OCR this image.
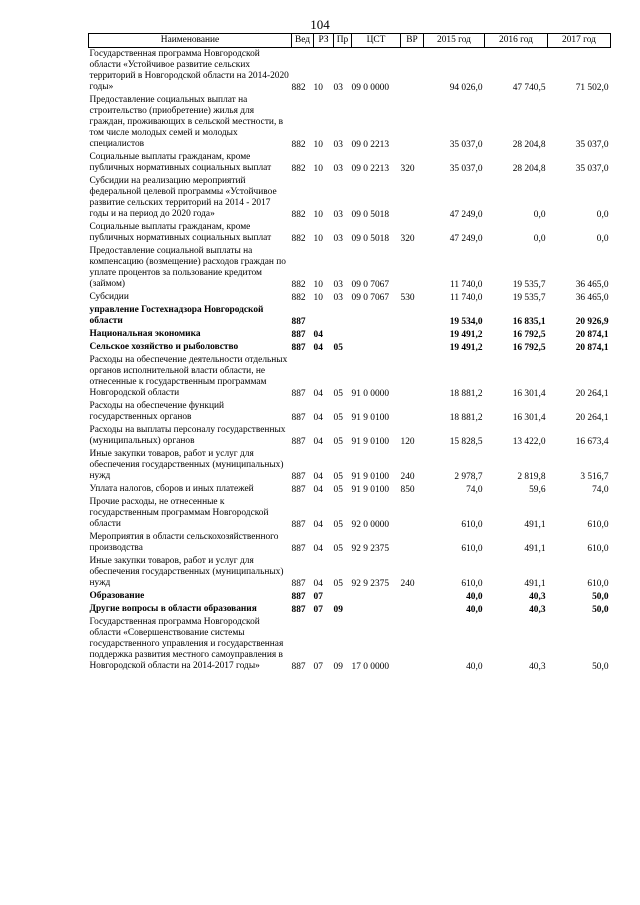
104
Наименование	Вед	РЗ	Пр	ЦСТ	ВР	2015 год	2016 год	2017 год
Государственная программа Новгородской области «Устойчивое развитие сельских территорий в Новгородской области на 2014-2020 годы»	882	10	03	09 0 0000		94 026,0	47 740,5	71 502,0
Предоставление социальных выплат на строительство (приобретение) жилья для граждан, проживающих в сельской местности, в том числе молодых семей и молодых специалистов	882	10	03	09 0 2213		35 037,0	28 204,8	35 037,0
Социальные выплаты гражданам, кроме публичных нормативных социальных выплат	882	10	03	09 0 2213	320	35 037,0	28 204,8	35 037,0
Субсидии на реализацию мероприятий федеральной целевой программы «Устойчивое развитие сельских территорий на 2014 - 2017 годы и на период до 2020 года»	882	10	03	09 0 5018		47 249,0	0,0	0,0
Социальные выплаты гражданам, кроме публичных нормативных социальных выплат	882	10	03	09 0 5018	320	47 249,0	0,0	0,0
Предоставление социальной выплаты на компенсацию (возмещение) расходов граждан по уплате процентов за пользование кредитом (займом)	882	10	03	09 0 7067		11 740,0	19 535,7	36 465,0
Субсидии	882	10	03	09 0 7067	530	11 740,0	19 535,7	36 465,0
управление Гостехнадзора Новгородской области	887					19 534,0	16 835,1	20 926,9
Национальная экономика	887	04				19 491,2	16 792,5	20 874,1
Сельское хозяйство и рыболовство	887	04	05			19 491,2	16 792,5	20 874,1
Расходы на обеспечение деятельности отдельных органов исполнительной власти области, не отнесенные к государственным программам Новгородской области	887	04	05	91 0 0000		18 881,2	16 301,4	20 264,1
Расходы на обеспечение функций государственных органов	887	04	05	91 9 0100		18 881,2	16 301,4	20 264,1
Расходы на выплаты персоналу государственных (муниципальных) органов	887	04	05	91 9 0100	120	15 828,5	13 422,0	16 673,4
Иные закупки товаров, работ и услуг для обеспечения государственных (муниципальных) нужд	887	04	05	91 9 0100	240	2 978,7	2 819,8	3 516,7
Уплата налогов, сборов и иных платежей	887	04	05	91 9 0100	850	74,0	59,6	74,0
Прочие расходы, не отнесенные к государственным программам Новгородской области	887	04	05	92 0 0000		610,0	491,1	610,0
Мероприятия в области сельскохозяйственного производства	887	04	05	92 9 2375		610,0	491,1	610,0
Иные закупки товаров, работ и услуг для обеспечения государственных (муниципальных) нужд	887	04	05	92 9 2375	240	610,0	491,1	610,0
Образование	887	07				40,0	40,3	50,0
Другие вопросы в области образования	887	07	09			40,0	40,3	50,0
Государственная программа Новгородской области «Совершенствование системы государственного управления и государственная поддержка развития местного самоуправления в Новгородской области на 2014-2017 годы»	887	07	09	17 0 0000		40,0	40,3	50,0
